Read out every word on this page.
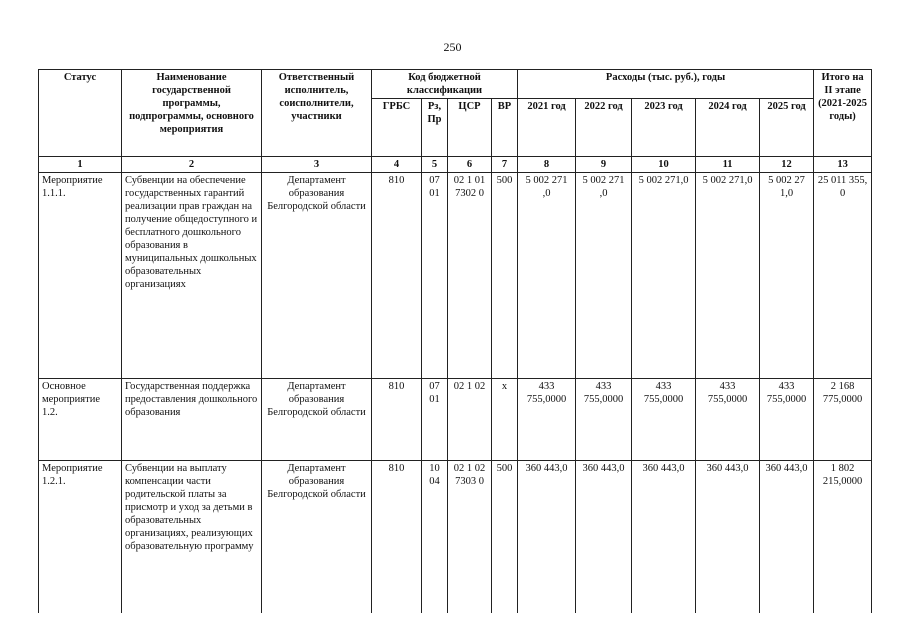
250
Статус	Наименование государственной программы, подпрограммы, основного мероприятия	Ответственный исполнитель, соисполнители, участники	Код бюджетной классификации				Расходы (тыс. руб.), годы					Итого на II этапе (2021-2025 годы)
			ГРБС	Рз, Пр	ЦСР	ВР	2021 год	2022 год	2023 год	2024 год	2025 год	
1	2	3	4	5	6	7	8	9	10	11	12	13
Мероприятие 1.1.1.	Субвенции на обеспечение государственных гарантий реализации прав граждан на получение общедоступного и бесплатного дошкольного образования в муниципальных дошкольных образовательных организациях	Департамент образования Белгородской области	810	07 01	02 1 01 7302 0	500	5 002 271 ,0	5 002 271 ,0	5 002 271,0	5 002 271,0	5 002 27 1,0	25 011 355, 0
Основное мероприятие 1.2.	Государственная поддержка предоставления дошкольного образования	Департамент образования Белгородской области	810	07 01	02 1 02	х	433 755,0000	433 755,0000	433 755,0000	433 755,0000	433 755,0000	2 168 775,0000
Мероприятие 1.2.1.	Субвенции на выплату компенсации части родительской платы за присмотр и уход за детьми в образовательных организациях, реализующих образовательную программу	Департамент образования Белгородской области	810	10 04	02 1 02 7303 0	500	360 443,0	360 443,0	360 443,0	360 443,0	360 443,0	1 802 215,0000
